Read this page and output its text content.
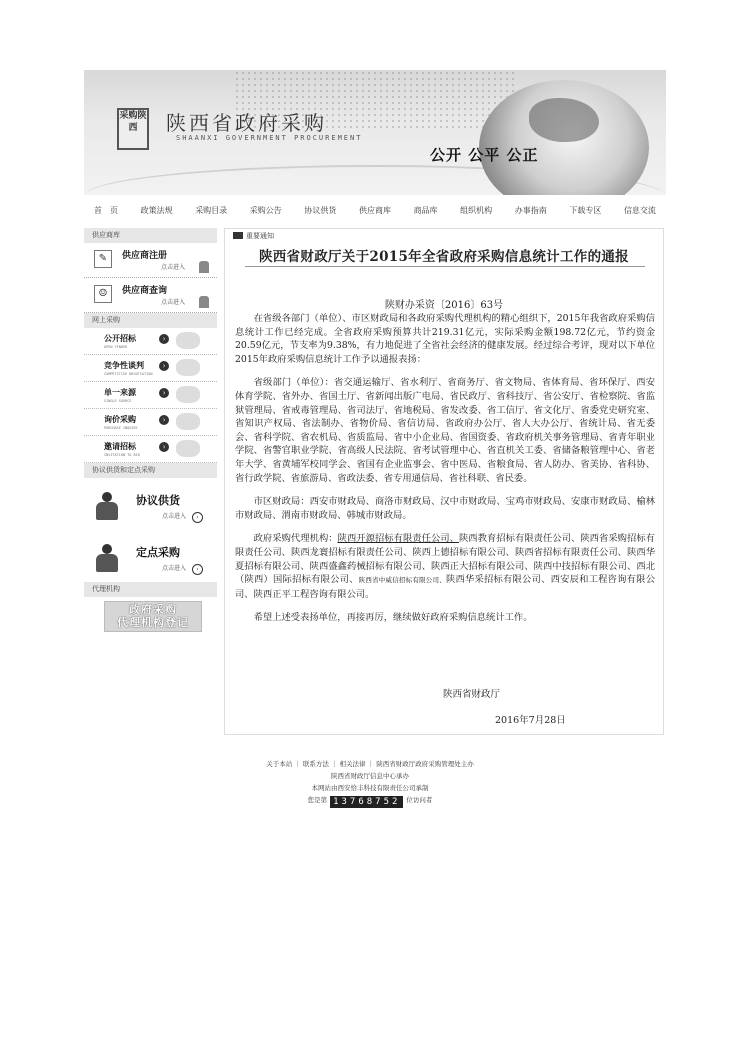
采购陕西	陕西省政府采购
SHAANXI GOVERNMENT PROCUREMENT
公开 公平 公正
首　页	政策法规	采购目录	采购公告	协议供货	供应商库	商品库	组织机构	办事指南	下载专区	信息交流
供应商库
✎	供应商注册
点击进入
☺	供应商查询
点击进入
网上采购
公开招标
OPEN TENDER
›
竞争性谈判
COMPETITIVE NEGOTIATION
›
单一来源
SINGLE SOURCE
›
询价采购
PURCHASE INQUIRY
›
邀请招标
INVITATION TO BID
›
协议供货和定点采购
协议供货
点击进入	›
定点采购
点击进入	›
代理机构
政府采购
代理机构登记
重要通知
陕西省财政厅关于2015年全省政府采购信息统计工作的通报
陕财办采资〔2016〕63号

在省级各部门（单位）、市区财政局和各政府采购代理机构的精心组织下，2015年我省政府采购信息统计工作已经完成。全省政府采购预算共计219.31亿元，实际采购金额198.72亿元，节约资金20.59亿元，节支率为9.38%，有力地促进了全省社会经济的健康发展。经过综合考评，现对以下单位2015年政府采购信息统计工作予以通报表扬：

省级部门（单位）：省交通运输厅、省水利厅、省商务厅、省文物局、省体育局、省环保厅、西安体育学院、省外办、省国土厅、省新闻出版广电局、省民政厅、省科技厅、省公安厅、省检察院、省监狱管理局、省戒毒管理局、省司法厅、省地税局、省发改委、省工信厅、省文化厅、省委党史研究室、省知识产权局、省法制办、省物价局、省信访局、省政府办公厅、省人大办公厅、省统计局、省无委会、省科学院、省农机局、省质监局、省中小企业局、省国资委、省政府机关事务管理局、省青年职业学院、省警官职业学院、省高级人民法院、省考试管理中心、省直机关工委、省储备粮管理中心、省老年大学、省黄埔军校同学会、省国有企业监事会、省中医局、省粮食局、省人防办、省美协、省科协、省行政学院、省旅游局、省政法委、省专用通信局、省社科联、省民委。

市区财政局：西安市财政局、商洛市财政局、汉中市财政局、宝鸡市财政局、安康市财政局、榆林市财政局、渭南市财政局、韩城市财政局。

政府采购代理机构：陕西开源招标有限责任公司、陕西教育招标有限责任公司、陕西省采购招标有限责任公司、陕西龙寰招标有限责任公司、陕西上德招标有限公司、陕西省招标有限责任公司、陕西华夏招标有限公司、陕西盛鑫药械招标有限公司、陕西正大招标有限公司、陕西中技招标有限公司、西北（陕西）国际招标有限公司、陕西省中威信招标有限公司、陕西华采招标有限公司、西安辰和工程咨询有限公司、陕西正平工程咨询有限公司。

希望上述受表扬单位，再接再厉，继续做好政府采购信息统计工作。

陕西省财政厅
2016年7月28日
关于本站 ｜ 联系方法 ｜ 相关法律 ｜ 陕西省财政厅政府采购管理处主办
陕西省财政厅信息中心承办
本网站由西安恰丰科技有限责任公司承制
您是第 13768752 位访问者
